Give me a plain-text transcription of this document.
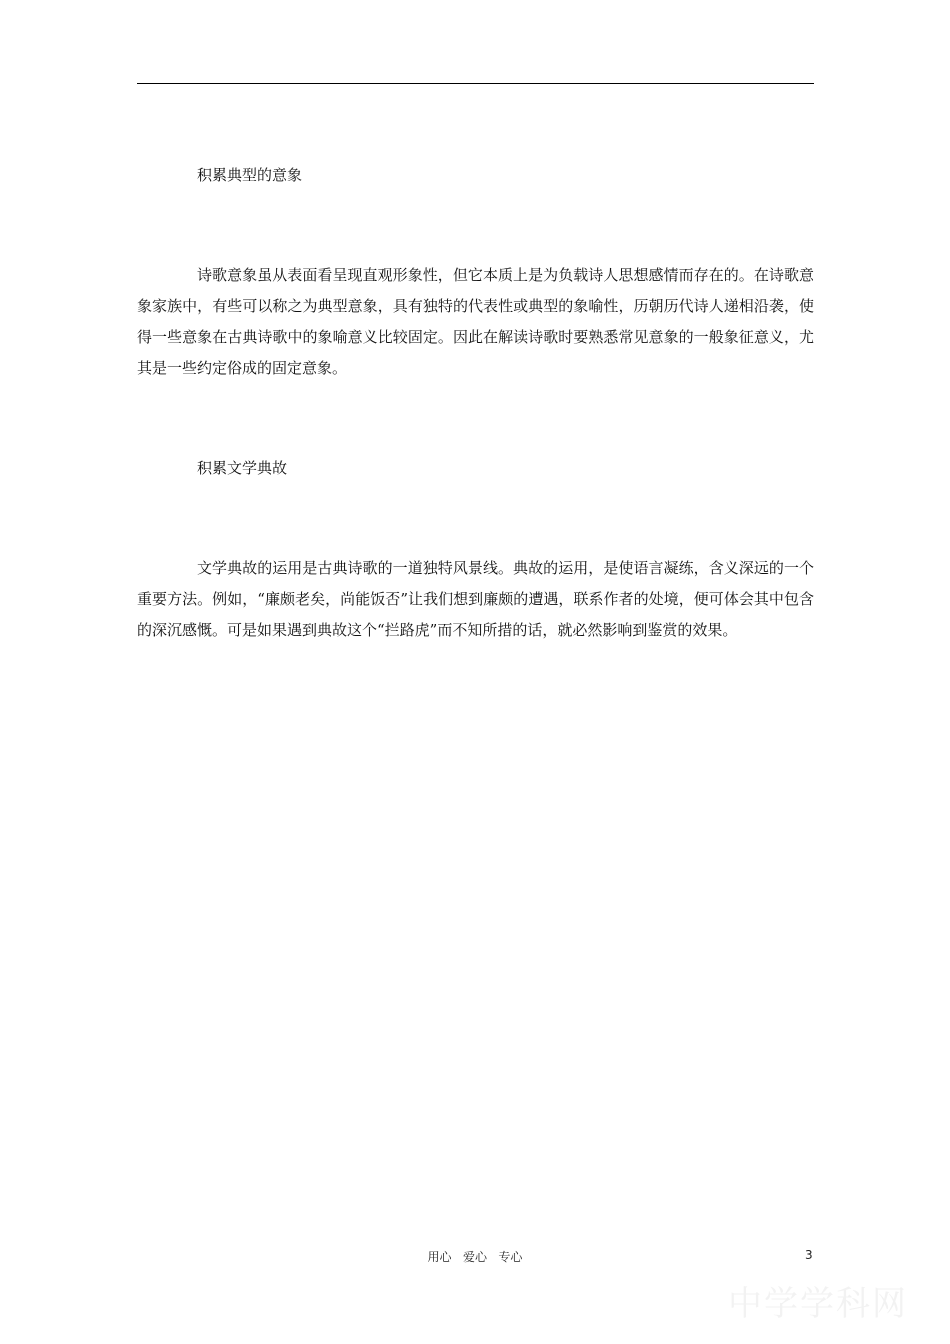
积累典型的意象

诗歌意象虽从表面看呈现直观形象性，但它本质上是为负载诗人思想感情而存在的。在诗歌意象家族中，有些可以称之为典型意象，具有独特的代表性或典型的象喻性，历朝历代诗人递相沿袭，使得一些意象在古典诗歌中的象喻意义比较固定。因此在解读诗歌时要熟悉常见意象的一般象征意义，尤其是一些约定俗成的固定意象。

积累文学典故

文学典故的运用是古典诗歌的一道独特风景线。典故的运用，是使语言凝练，含义深远的一个重要方法。例如，“廉颇老矣，尚能饭否”让我们想到廉颇的遭遇，联系作者的处境，便可体会其中包含的深沉感慨。可是如果遇到典故这个“拦路虎”而不知所措的话，就必然影响到鉴赏的效果。

用心   爱心   专心	3
中学学科网
